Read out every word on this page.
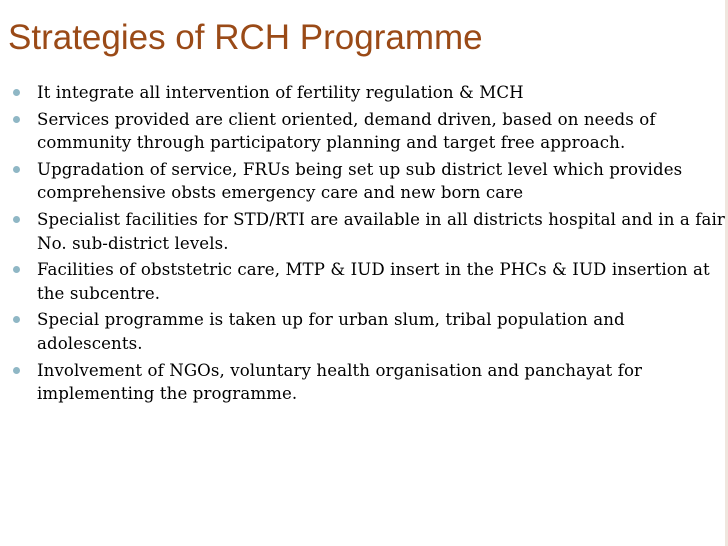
Strategies of RCH Programme
It integrate all intervention of fertility regulation & MCH
Services provided are client oriented, demand driven, based on needs of community through participatory planning and target free approach.
Upgradation of service, FRUs being set up sub district level which provides comprehensive obsts emergency care and new born care
Specialist facilities for STD/RTI are available in all districts hospital and in a fair No. sub-district levels.
Facilities of obststetric care, MTP & IUD insert in the PHCs & IUD insertion at the subcentre.
Special programme is taken up for urban slum, tribal population and adolescents.
Involvement of NGOs, voluntary health organisation and panchayat for implementing the programme.
